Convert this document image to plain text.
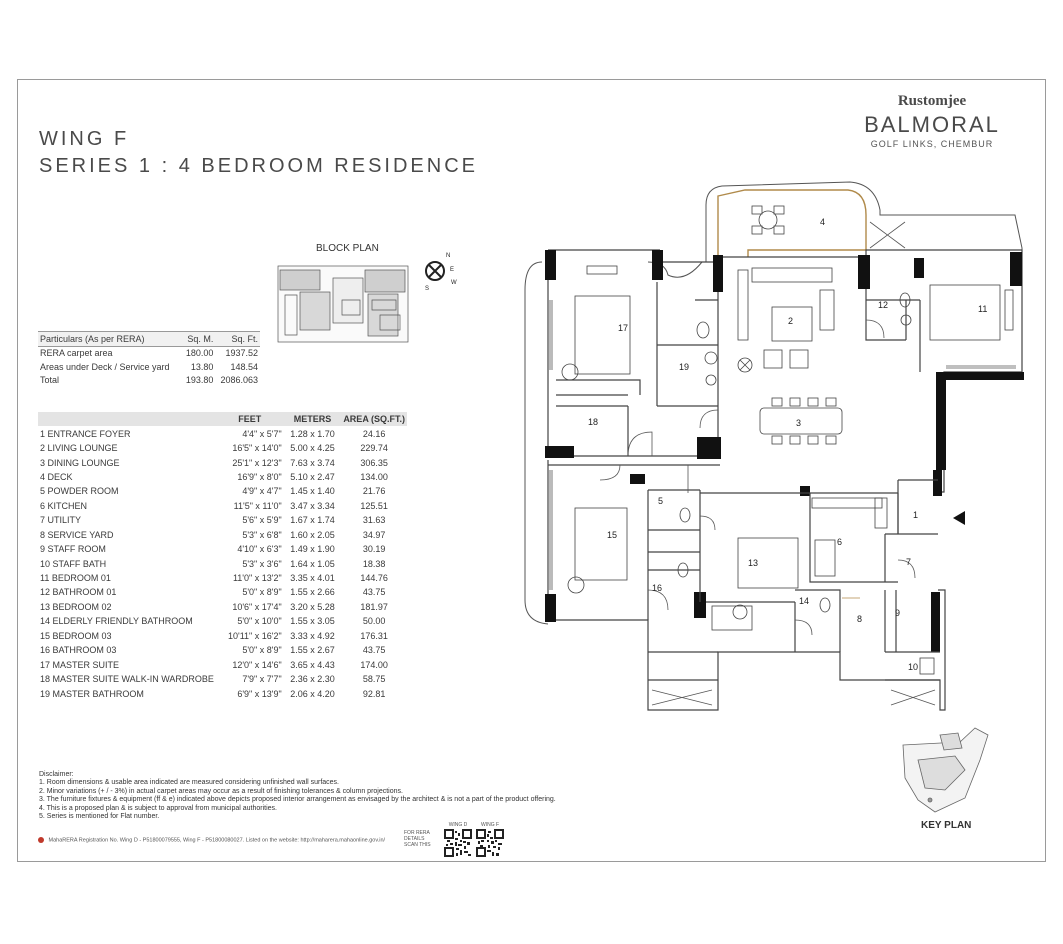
WING F
SERIES 1 : 4 BEDROOM RESIDENCE
Rustomjee
BALMORAL
GOLF LINKS, CHEMBUR
BLOCK PLAN
Particulars (As per RERA)	Sq. M.	Sq. Ft.
RERA carpet area	180.00	1937.52
Areas under Deck / Service yard	13.80	148.54
Total	193.80	2086.063
	FEET	METERS	AREA (SQ.FT.)
1 ENTRANCE FOYER	4'4" x 5'7"	1.28 x 1.70	24.16
2 LIVING LOUNGE	16'5" x 14'0"	5.00 x 4.25	229.74
3 DINING LOUNGE	25'1" x 12'3"	7.63 x 3.74	306.35
4 DECK	16'9" x 8'0"	5.10 x 2.47	134.00
5 POWDER ROOM	4'9" x 4'7"	1.45 x 1.40	21.76
6 KITCHEN	11'5" x 11'0"	3.47 x 3.34	125.51
7 UTILITY	5'6" x 5'9"	1.67 x 1.74	31.63
8 SERVICE YARD	5'3" x 6'8"	1.60 x 2.05	34.97
9 STAFF ROOM	4'10" x 6'3"	1.49 x 1.90	30.19
10 STAFF BATH	5'3" x 3'6"	1.64 x 1.05	18.38
11 BEDROOM 01	11'0" x 13'2"	3.35 x 4.01	144.76
12 BATHROOM 01	5'0" x 8'9"	1.55 x 2.66	43.75
13 BEDROOM 02	10'6" x 17'4"	3.20 x 5.28	181.97
14 ELDERLY FRIENDLY BATHROOM	5'0" x 10'0"	1.55 x 3.05	50.00
15 BEDROOM 03	10'11" x 16'2"	3.33 x 4.92	176.31
16 BATHROOM 03	5'0" x 8'9"	1.55 x 2.67	43.75
17 MASTER SUITE	12'0" x 14'6"	3.65 x 4.43	174.00
18 MASTER SUITE WALK-IN WARDROBE	7'9" x 7'7"	2.36 x 2.30	58.75
19 MASTER BATHROOM	6'9" x 13'9"	2.06 x 4.20	92.81
Disclaimer:
1. Room dimensions & usable area indicated are measured considering unfinished wall surfaces.
2. Minor variations (+ / - 3%) in actual carpet areas may occur as a result of finishing tolerances & column projections.
3. The furniture fixtures & equipment (ff & e) indicated above depicts proposed interior arrangement as envisaged by the architect & is not a part of the product offering.
4. This is a proposed plan & is subject to approval from municipal authorities.
5. Series is mentioned for Flat number.
MahaRERA Registration No. Wing D - P51800079555, Wing F - P51800080027. Listed on the website: http://maharera.mahaonline.gov.in/
FOR RERA DETAILS SCAN THIS
WING D	WING F	KEY PLAN
N
E
S
W
1
2
3
4
5
6
7
8
9
10
11
12
13
14
15
16
17
18
19
